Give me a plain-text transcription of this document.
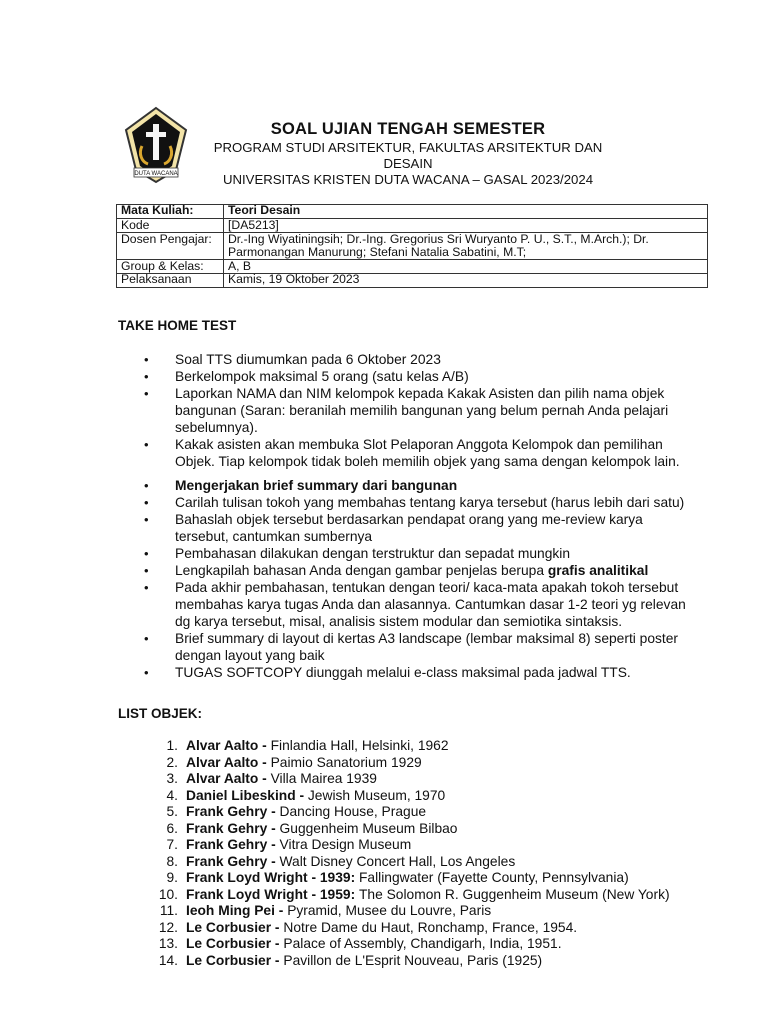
DUTA WACANA
SOAL UJIAN TENGAH SEMESTER
PROGRAM STUDI ARSITEKTUR, FAKULTAS ARSITEKTUR DAN DESAIN
UNIVERSITAS KRISTEN DUTA WACANA – GASAL 2023/2024
Mata Kuliah:	Teori Desain
Kode	[DA5213]
Dosen Pengajar:	Dr.-Ing Wiyatiningsih; Dr.-Ing. Gregorius Sri Wuryanto P. U., S.T., M.Arch.); Dr. Parmonangan Manurung; Stefani Natalia Sabatini, M.T;
Group & Kelas:	A, B
Pelaksanaan	Kamis, 19 Oktober 2023
TAKE HOME TEST
• Soal TTS diumumkan pada 6 Oktober 2023
• Berkelompok maksimal 5 orang (satu kelas A/B)
• Laporkan NAMA dan NIM kelompok kepada Kakak Asisten dan pilih nama objek bangunan (Saran: beranilah memilih bangunan yang belum pernah Anda pelajari sebelumnya).
• Kakak asisten akan membuka Slot Pelaporan Anggota Kelompok dan pemilihan Objek. Tiap kelompok tidak boleh memilih objek yang sama dengan kelompok lain.
• Mengerjakan brief summary dari bangunan
• Carilah tulisan tokoh yang membahas tentang karya tersebut (harus lebih dari satu)
• Bahaslah objek tersebut berdasarkan pendapat orang yang me-review karya tersebut, cantumkan sumbernya
• Pembahasan dilakukan dengan terstruktur dan sepadat mungkin
• Lengkapilah bahasan Anda dengan gambar penjelas berupa grafis analitikal
• Pada akhir pembahasan, tentukan dengan teori/ kaca-mata apakah tokoh tersebut membahas karya tugas Anda dan alasannya. Cantumkan dasar 1-2 teori yg relevan dg karya tersebut, misal, analisis sistem modular dan semiotika sintaksis.
• Brief summary di layout di kertas A3 landscape (lembar maksimal 8) seperti poster dengan layout yang baik
• TUGAS SOFTCOPY diunggah melalui e-class maksimal pada jadwal TTS.
LIST OBJEK:
1. Alvar Aalto - Finlandia Hall, Helsinki, 1962
2. Alvar Aalto - Paimio Sanatorium 1929
3. Alvar Aalto - Villa Mairea 1939
4. Daniel Libeskind - Jewish Museum, 1970
5. Frank Gehry - Dancing House, Prague
6. Frank Gehry - Guggenheim Museum Bilbao
7. Frank Gehry - Vitra Design Museum
8. Frank Gehry - Walt Disney Concert Hall, Los Angeles
9. Frank Loyd Wright - 1939: Fallingwater (Fayette County, Pennsylvania)
10. Frank Loyd Wright - 1959: The Solomon R. Guggenheim Museum (New York)
11. Ieoh Ming Pei - Pyramid, Musee du Louvre, Paris
12. Le Corbusier - Notre Dame du Haut, Ronchamp, France, 1954.
13. Le Corbusier - Palace of Assembly, Chandigarh, India, 1951.
14. Le Corbusier - Pavillon de L'Esprit Nouveau, Paris (1925)
